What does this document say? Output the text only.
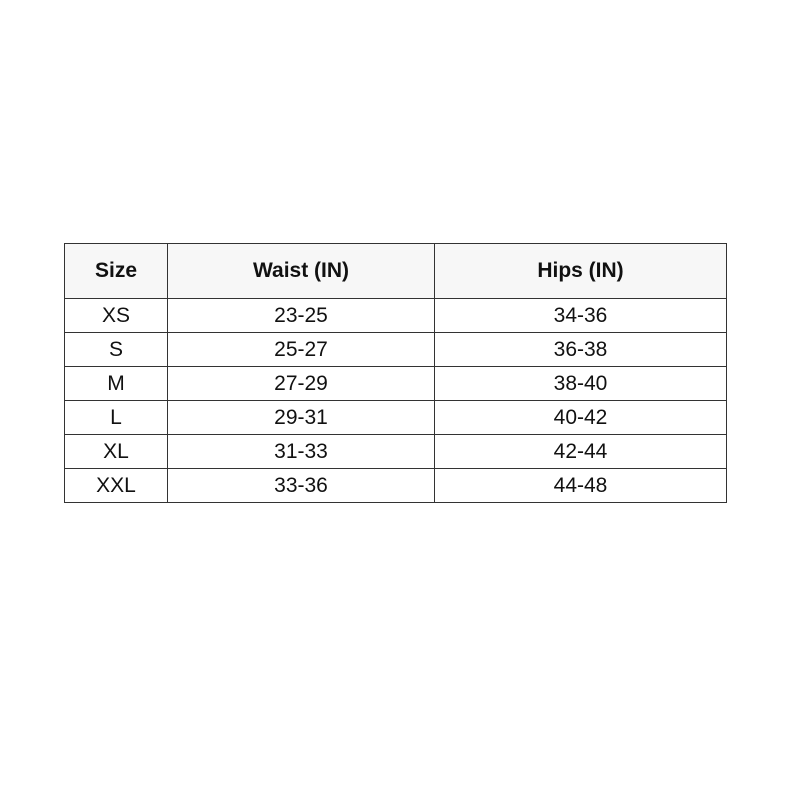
Size	Waist (IN)	Hips (IN)
XS	23-25	34-36
S	25-27	36-38
M	27-29	38-40
L	29-31	40-42
XL	31-33	42-44
XXL	33-36	44-48
